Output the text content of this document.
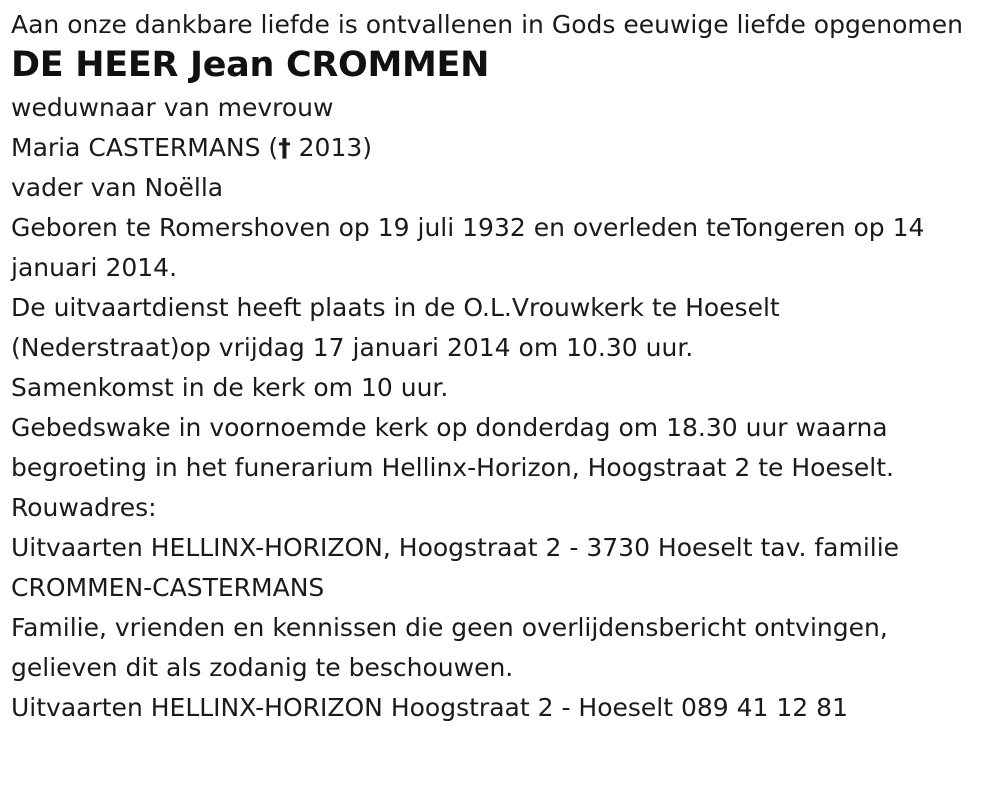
Aan onze dankbare liefde is ontvallenen in Gods eeuwige liefde opgenomen
DE HEER Jean CROMMEN
weduwnaar van mevrouw
Maria CASTERMANS († 2013)
vader van Noëlla
Geboren te Romershoven op 19 juli 1932 en overleden teTongeren op 14
januari 2014.
De uitvaartdienst heeft plaats in de O.L.Vrouwkerk te Hoeselt
(Nederstraat)op vrijdag 17 januari 2014 om 10.30 uur.
Samenkomst in de kerk om 10 uur.
Gebedswake in voornoemde kerk op donderdag om 18.30 uur waarna
begroeting in het funerarium Hellinx-Horizon, Hoogstraat 2 te Hoeselt.
Rouwadres:
Uitvaarten HELLINX-HORIZON, Hoogstraat 2 - 3730 Hoeselt tav. familie
CROMMEN-CASTERMANS
Familie, vrienden en kennissen die geen overlijdensbericht ontvingen,
gelieven dit als zodanig te beschouwen.
Uitvaarten HELLINX-HORIZON Hoogstraat 2 - Hoeselt 089 41 12 81
